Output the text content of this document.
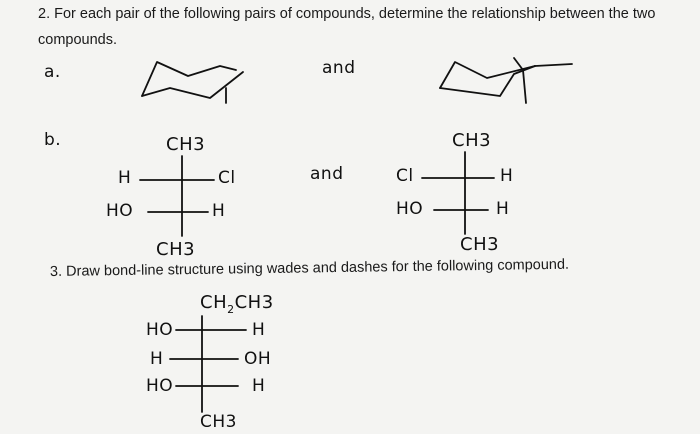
2. For each pair of the following pairs of compounds, determine the relationship between the two
compounds.
a.	and
b.	CH3
H	Cl
HO	H
CH3
and
CH3
Cl	H
HO	H
CH3
3. Draw bond-line structure using wades and dashes for the following compound.
$CH_2CH3$
HO	H
H	OH
HO	H
CH3
